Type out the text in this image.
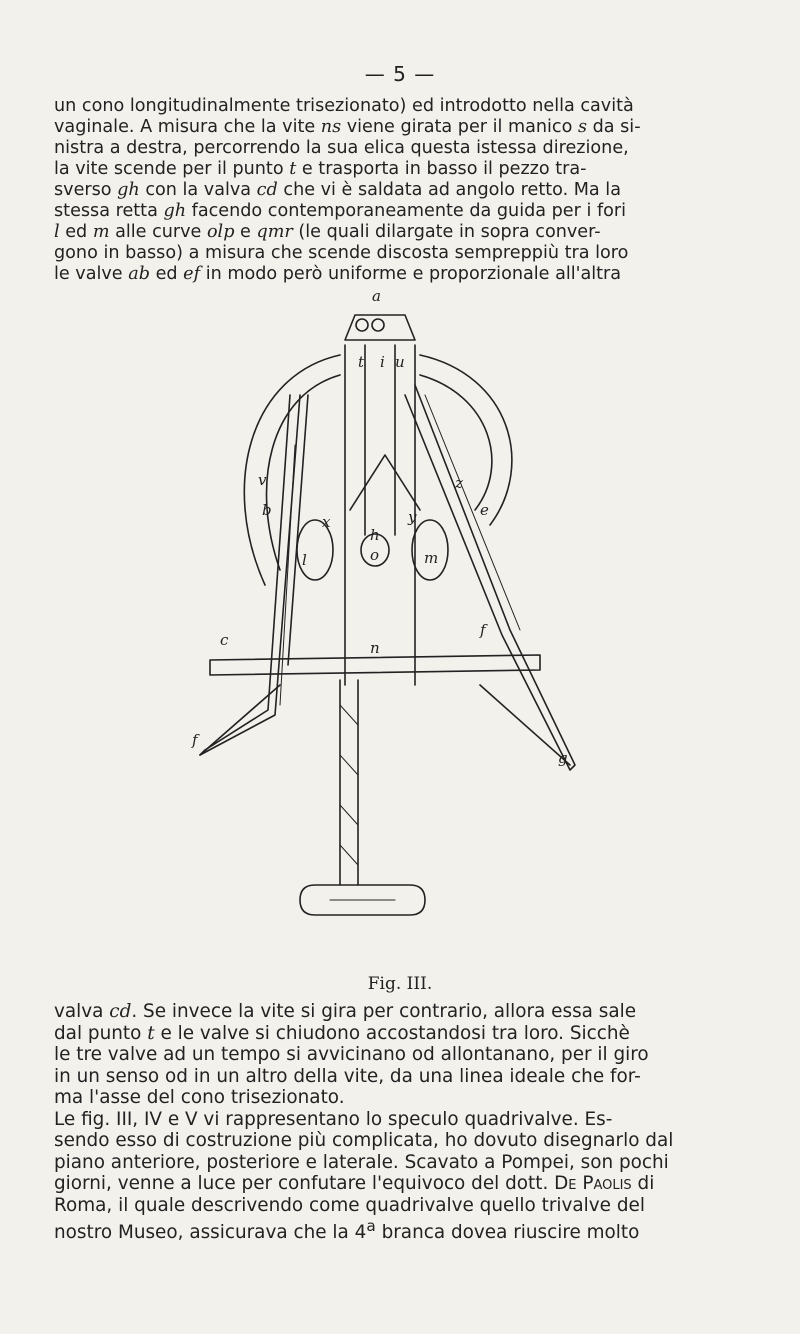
— 5 —
un cono longitudinalmente trisezionato) ed introdotto nella cavità
vaginale. A misura che la vite ns viene girata per il manico s da si-
nistra a destra, percorrendo la sua elica questa istessa direzione,
la vite scende per il punto t e trasporta in basso il pezzo tra-
sverso gh con la valva cd che vi è saldata ad angolo retto. Ma la
stessa retta gh facendo contemporaneamente da guida per i fori
l ed m alle curve olp e qmr (le quali dilargate in sopra conver-
gono in basso) a misura che scende discosta sempreppiù tra loro
le valve ab ed ef in modo però uniforme e proporzionale all'altra
a
t i u
v	z
e
b
l
h
o	m
y
x
c	n
f
f
g
Fig. III.
valva cd. Se invece la vite si gira per contrario, allora essa sale
dal punto t e le valve si chiudono accostandosi tra loro. Sicchè
le tre valve ad un tempo si avvicinano od allontanano, per il giro
in un senso od in un altro della vite, da una linea ideale che for-
ma l'asse del cono trisezionato.
Le fig. III, IV e V vi rappresentano lo speculo quadrivalve. Es-
sendo esso di costruzione più complicata, ho dovuto disegnarlo dal
piano anteriore, posteriore e laterale. Scavato a Pompei, son pochi
giorni, venne a luce per confutare l'equivoco del dott. De Paolis di
Roma, il quale descrivendo come quadrivalve quello trivalve del
nostro Museo, assicurava che la 4$^a$ branca dovea riuscire molto
